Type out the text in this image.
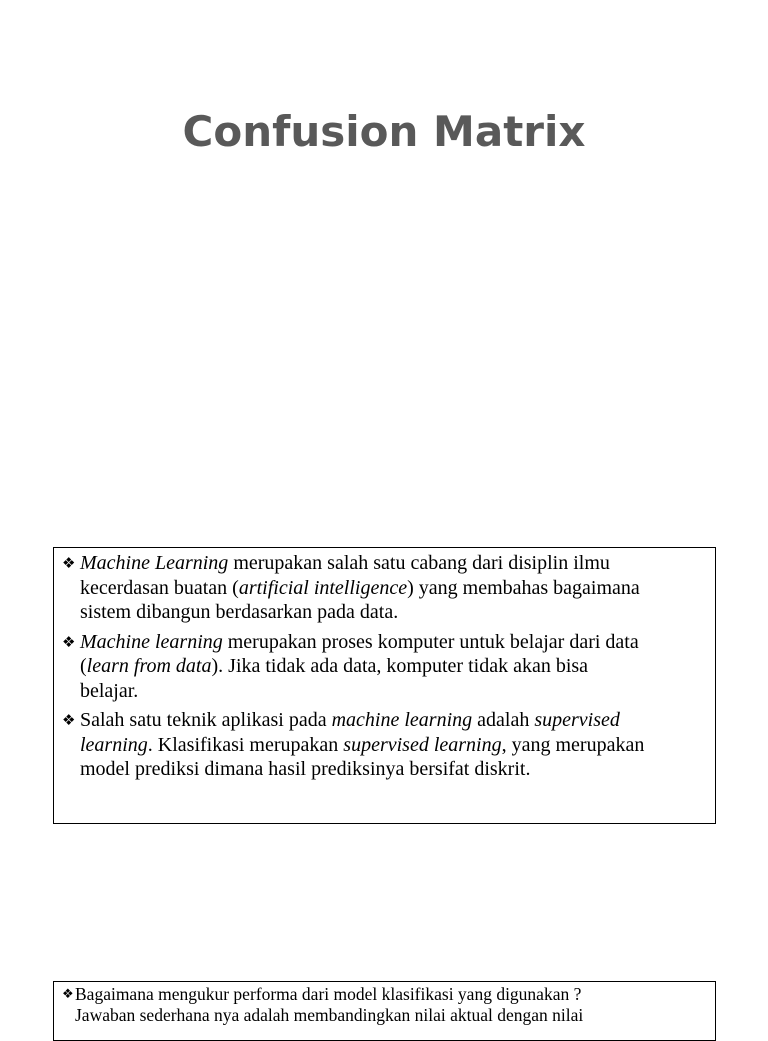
Confusion Matrix
❖ Machine Learning merupakan salah satu cabang dari disiplin ilmu
kecerdasan buatan (artificial intelligence) yang membahas bagaimana
sistem dibangun berdasarkan pada data.
❖ Machine learning merupakan proses komputer untuk belajar dari data
(learn from data). Jika tidak ada data, komputer tidak akan bisa
belajar.
❖ Salah satu teknik aplikasi pada machine learning adalah supervised
learning. Klasifikasi merupakan supervised learning, yang merupakan
model prediksi dimana hasil prediksinya bersifat diskrit.
❖ Bagaimana mengukur performa dari model klasifikasi yang digunakan ?
Jawaban sederhana nya adalah membandingkan nilai aktual dengan nilai
